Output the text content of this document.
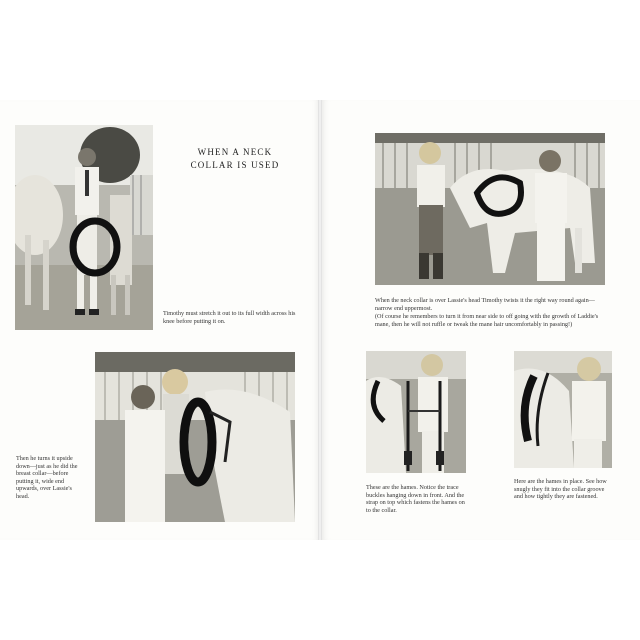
WHEN A NECK
COLLAR IS USED

Timothy must stretch it out to its full width across his knee before putting it on.

Then he turns it upside down—just as he did the breast collar—before putting it, wide end upwards, over Lassie's head.

When the neck collar is over Lassie's head Timothy twists it the right way round again—narrow end uppermost.

(Of course he remembers to turn it from near side to off going with the growth of Laddie's mane, then he will not ruffle or tweak the mane hair uncomfortably in passing!)

These are the hames. Notice the trace buckles hanging down in front. And the strap on top which fastens the hames on to the collar.

Here are the hames in place. See how snugly they fit into the collar groove and how tightly they are fastened.
